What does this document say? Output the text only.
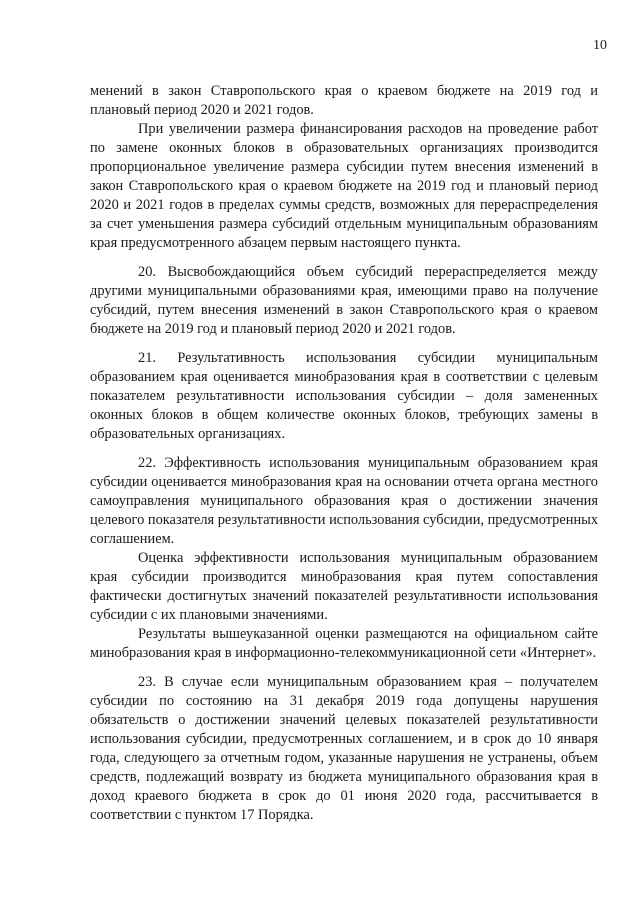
10

менений в закон Ставропольского края о краевом бюджете на 2019 год и плановый период 2020 и 2021 годов.

При увеличении размера финансирования расходов на проведение работ по замене оконных блоков в образовательных организациях производится пропорциональное увеличение размера субсидии путем внесения изменений в закон Ставропольского края о краевом бюджете на 2019 год и плановый период 2020 и 2021 годов в пределах суммы средств, возможных для перераспределения за счет уменьшения размера субсидий отдельным муниципальным образованиям края предусмотренного абзацем первым настоящего пункта.

20. Высвобождающийся объем субсидий перераспределяется между другими муниципальными образованиями края, имеющими право на получение субсидий, путем внесения изменений в закон Ставропольского края о краевом бюджете на 2019 год и плановый период 2020 и 2021 годов.

21. Результативность использования субсидии муниципальным образованием края оценивается минобразования края в соответствии с целевым показателем результативности использования субсидии – доля замененных оконных блоков в общем количестве оконных блоков, требующих замены в образовательных организациях.

22. Эффективность использования муниципальным образованием края субсидии оценивается минобразования края на основании отчета органа местного самоуправления муниципального образования края о достижении значения целевого показателя результативности использования субсидии, предусмотренных соглашением.

Оценка эффективности использования муниципальным образованием края субсидии производится минобразования края путем сопоставления фактически достигнутых значений показателей результативности использования субсидии с их плановыми значениями.

Результаты вышеуказанной оценки размещаются на официальном сайте минобразования края в информационно-телекоммуникационной сети «Интернет».

23. В случае если муниципальным образованием края – получателем субсидии по состоянию на 31 декабря 2019 года допущены нарушения обязательств о достижении значений целевых показателей результативности использования субсидии, предусмотренных соглашением, и в срок до 10 января года, следующего за отчетным годом, указанные нарушения не устранены, объем средств, подлежащий возврату из бюджета муниципального образования края в доход краевого бюджета в срок до 01 июня 2020 года, рассчитывается в соответствии с пунктом 17 Порядка.
